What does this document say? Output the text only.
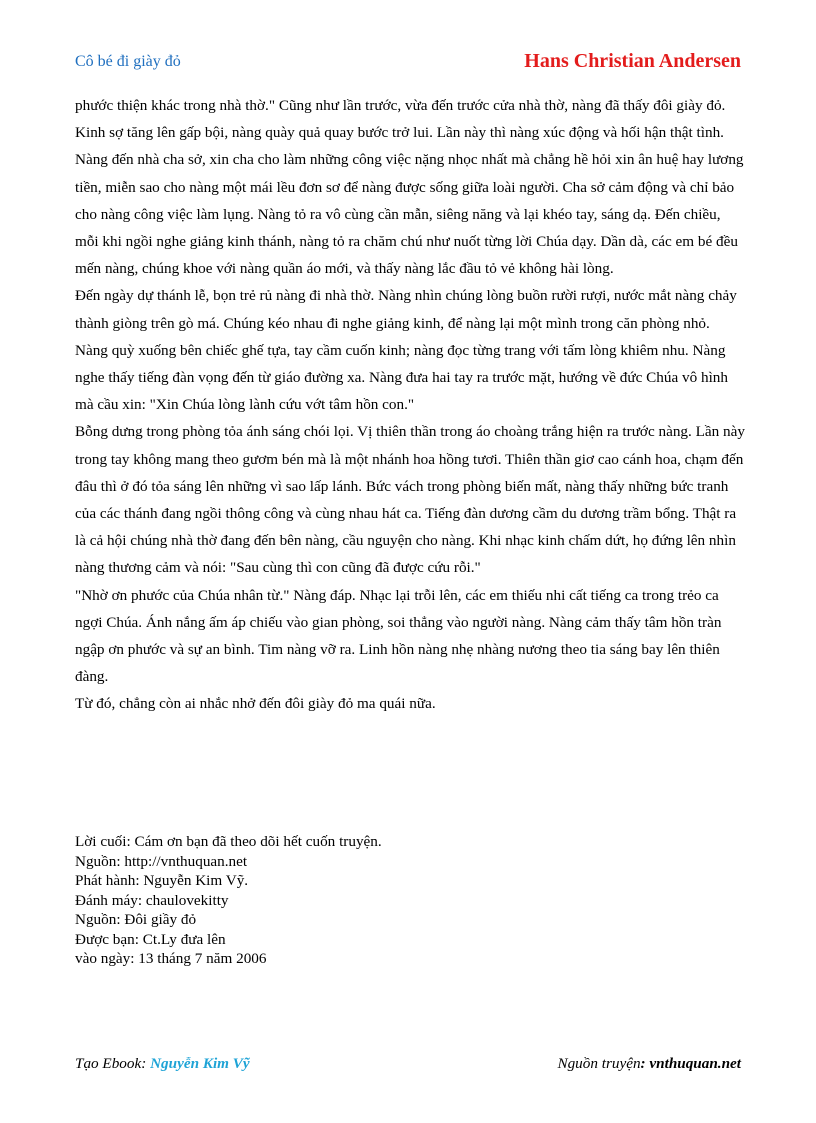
Cô bé đi giày đỏ	Hans Christian Andersen

phước thiện khác trong nhà thờ." Cũng như lần trước, vừa đến trước cửa nhà thờ, nàng đã thấy đôi giày đỏ. Kinh sợ tăng lên gấp bội, nàng quày quả quay bước trở lui. Lần này thì nàng xúc động và hối hận thật tình. Nàng đến nhà cha sở, xin cha cho làm những công việc nặng nhọc nhất mà chẳng hề hỏi xin ân huệ hay lương tiền, miễn sao cho nàng một mái lều đơn sơ để nàng được sống giữa loài người. Cha sở cảm động và chỉ bảo cho nàng công việc làm lụng. Nàng tỏ ra vô cùng cần mẫn, siêng năng và lại khéo tay, sáng dạ. Đến chiều, mỗi khi ngồi nghe giảng kinh thánh, nàng tỏ ra chăm chú như nuốt từng lời Chúa dạy. Dần dà, các em bé đều mến nàng, chúng khoe với nàng quần áo mới, và thấy nàng lắc đầu tỏ vẻ không hài lòng.

Đến ngày dự thánh lễ, bọn trẻ rủ nàng đi nhà thờ. Nàng nhìn chúng lòng buồn rười rượi, nước mắt nàng chảy thành giòng trên gò má. Chúng kéo nhau đi nghe giảng kinh, để nàng lại một mình trong căn phòng nhỏ. Nàng quỳ xuống bên chiếc ghế tựa, tay cầm cuốn kinh; nàng đọc từng trang với tấm lòng khiêm nhu. Nàng nghe thấy tiếng đàn vọng đến từ giáo đường xa. Nàng đưa hai tay ra trước mặt, hướng về đức Chúa vô hình mà cầu xin: "Xin Chúa lòng lành cứu vớt tâm hồn con."

Bỗng dưng trong phòng tỏa ánh sáng chói lọi. Vị thiên thần trong áo choàng trắng hiện ra trước nàng. Lần này trong tay không mang theo gươm bén mà là một nhánh hoa hồng tươi. Thiên thần giơ cao cánh hoa, chạm đến đâu thì ở đó tỏa sáng lên những vì sao lấp lánh. Bức vách trong phòng biến mất, nàng thấy những bức tranh của các thánh đang ngồi thông công và cùng nhau hát ca. Tiếng đàn dương cầm du dương trầm bổng. Thật ra là cả hội chúng nhà thờ đang đến bên nàng, cầu nguyện cho nàng. Khi nhạc kinh chấm dứt, họ đứng lên nhìn nàng thương cảm và nói: "Sau cùng thì con cũng đã được cứu rỗi."

"Nhờ ơn phước của Chúa nhân từ." Nàng đáp. Nhạc lại trỗi lên, các em thiếu nhi cất tiếng ca trong trẻo ca ngợi Chúa. Ánh nắng ấm áp chiếu vào gian phòng, soi thẳng vào người nàng. Nàng cảm thấy tâm hồn tràn ngập ơn phước và sự an bình. Tim nàng vỡ ra. Linh hồn nàng nhẹ nhàng nương theo tia sáng bay lên thiên đàng.

Từ đó, chẳng còn ai nhắc nhở đến đôi giày đỏ ma quái nữa.

Lời cuối: Cám ơn bạn đã theo dõi hết cuốn truyện.
Nguồn: http://vnthuquan.net
Phát hành: Nguyễn Kim Vỹ.
Đánh máy: chaulovekitty
Nguồn: Đôi giầy đỏ
Được bạn: Ct.Ly đưa lên
vào ngày: 13 tháng 7 năm 2006
Tạo Ebook: Nguyễn Kim Vỹ	Nguồn truyện: vnthuquan.net
